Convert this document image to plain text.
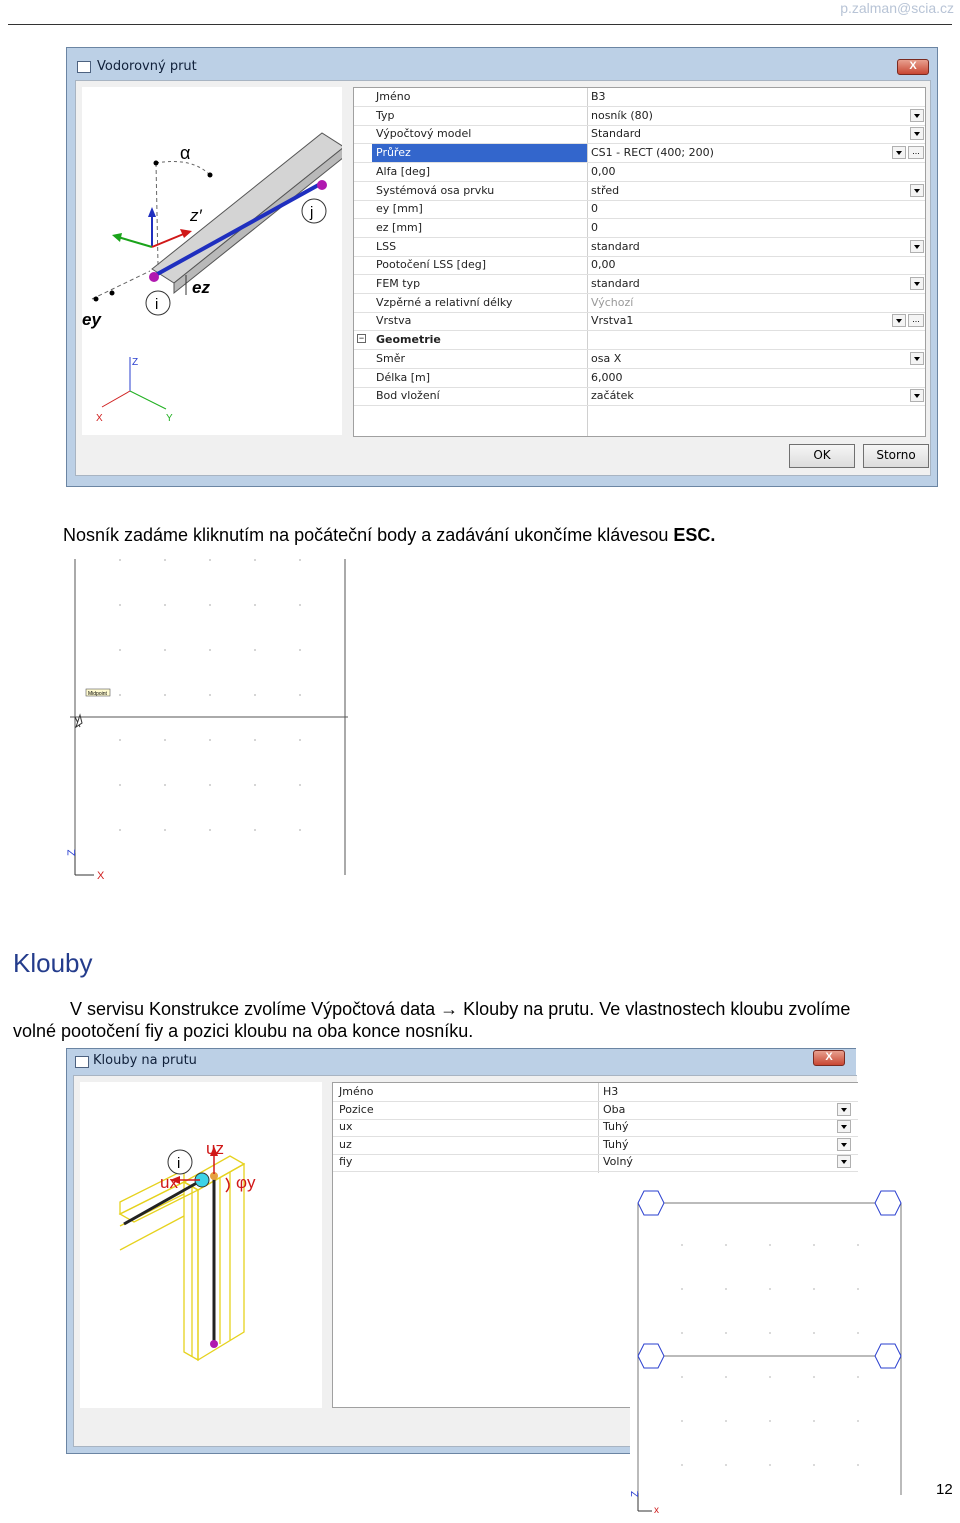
p.zalman@scia.cz
Vodorovný prut	X
j
i
α
z′
ez
ey
Z
X	Y
Jméno	B3
Typ	nosník (80)
Výpočtový model	Standard
Průřez	CS1 - RECT (400; 200)	...
Alfa [deg]	0,00
Systémová osa prvku	střed
ey [mm]	0
ez [mm]	0
LSS	standard
Pootočení LSS [deg]	0,00
FEM typ	standard
Vzpěrné a relativní délky	Výchozí
Vrstva	Vrstva1	...
− Geometrie
Směr	osa X
Délka [m]	6,000
Bod vložení	začátek
OK	Storno
Nosník zadáme kliknutím na počáteční body a zadávání ukončíme klávesou ESC.
Midpoint
Z
X
Klouby
V servisu Konstrukce zvolíme Výpočtová data → Klouby na prutu. Ve vlastnostech kloubu zvolíme
volné pootočení fiy a pozici kloubu na oba konce nosníku.
Klouby na prutu	X
i
uz
ux	φy
Jméno	H3
Pozice	Oba
ux	Tuhý
uz	Tuhý
fiy	Volný
Z
x
12
